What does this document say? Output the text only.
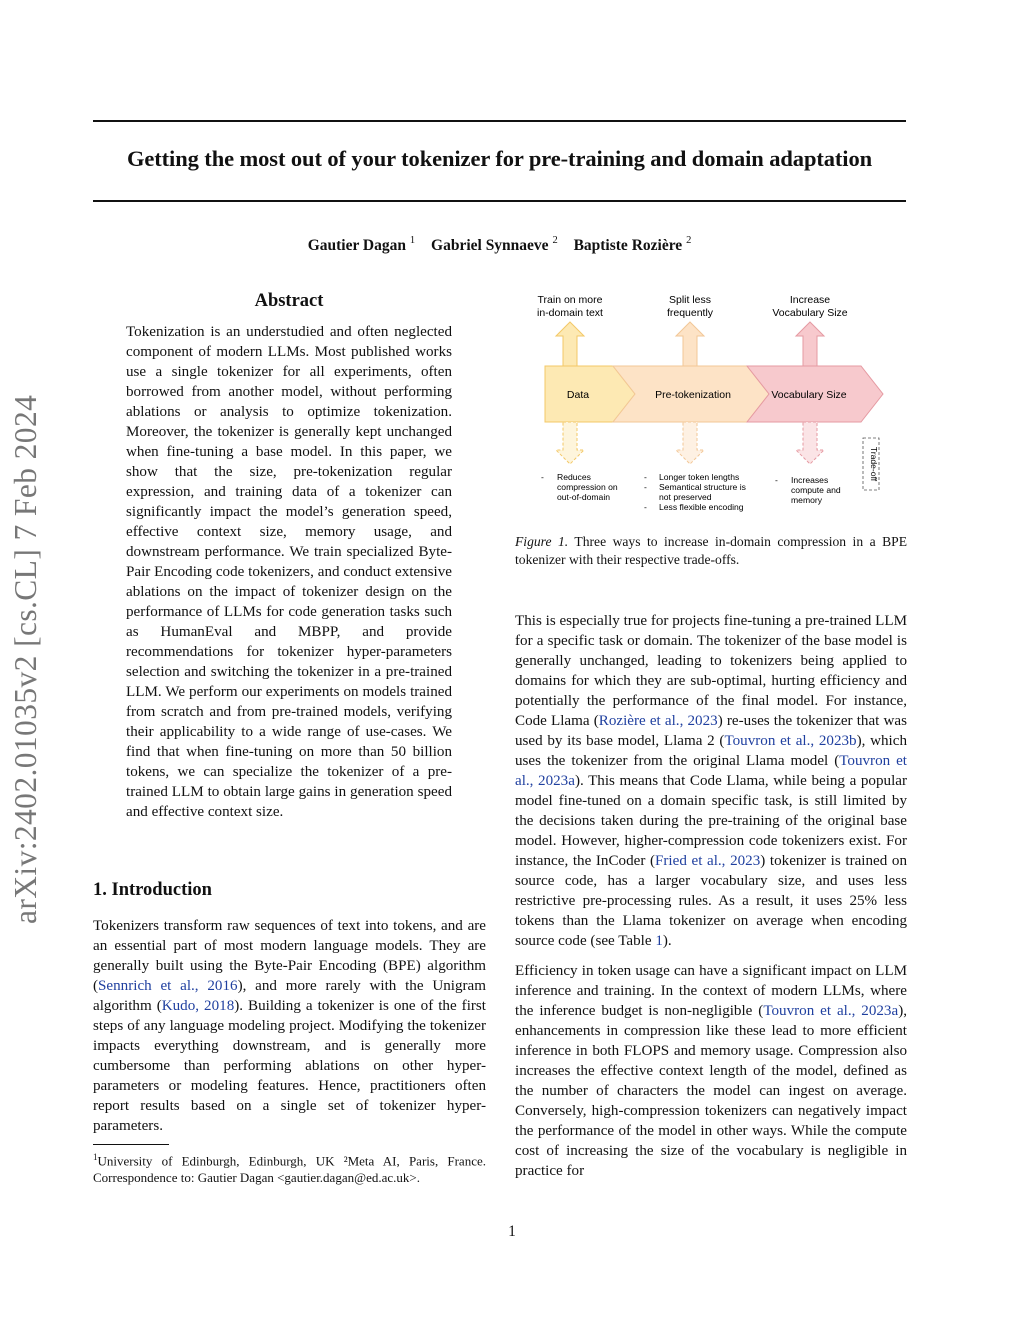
Getting the most out of your tokenizer for pre-training and domain adaptation
Gautier Dagan $^1$ Gabriel Synnaeve $^2$ Baptiste Rozière $^2$
arXiv:2402.01035v2 [cs.CL] 7 Feb 2024
Abstract
Tokenization is an understudied and often neglected component of modern LLMs. Most published works use a single tokenizer for all experiments, often borrowed from another model, without performing ablations or analysis to optimize tokenization. Moreover, the tokenizer is generally kept unchanged when fine-tuning a base model. In this paper, we show that the size, pre-tokenization regular expression, and training data of a tokenizer can significantly impact the model’s generation speed, effective context size, memory usage, and downstream performance. We train specialized Byte-Pair Encoding code tokenizers, and conduct extensive ablations on the impact of tokenizer design on the performance of LLMs for code generation tasks such as HumanEval and MBPP, and provide recommendations for tokenizer hyper-parameters selection and switching the tokenizer in a pre-trained LLM. We perform our experiments on models trained from scratch and from pre-trained models, verifying their applicability to a wide range of use-cases. We find that when fine-tuning on more than 50 billion tokens, we can specialize the tokenizer of a pre-trained LLM to obtain large gains in generation speed and effective context size.
1. Introduction

Tokenizers transform raw sequences of text into tokens, and are an essential part of most modern language models. They are generally built using the Byte-Pair Encoding (BPE) algorithm (Sennrich et al., 2016), and more rarely with the Unigram algorithm (Kudo, 2018). Building a tokenizer is one of the first steps of any language modeling project. Modifying the tokenizer impacts everything downstream, and is generally more cumbersome than performing ablations on other hyper-parameters or modeling features. Hence, practitioners often report results based on a single set of tokenizer hyper-parameters.

$^1$University of Edinburgh, Edinburgh, UK ²Meta AI, Paris, France. Correspondence to: Gautier Dagan <gautier.dagan@ed.ac.uk>.
Train on more
in-domain text
Split less
frequently
Increase
Vocabulary Size
Data	Pre-tokenization	Vocabulary Size
- Reduces
compression on
out-of-domain
- Longer token lengths
- Semantical structure is
not preserved
- Less flexible encoding
- Increases
compute and
memory
Trade-off
Figure 1. Three ways to increase in-domain compression in a BPE tokenizer with their respective trade-offs.

This is especially true for projects fine-tuning a pre-trained LLM for a specific task or domain. The tokenizer of the base model is generally unchanged, leading to tokenizers being applied to domains for which they are sub-optimal, hurting efficiency and potentially the performance of the final model. For instance, Code Llama (Rozière et al., 2023) re-uses the tokenizer that was used by its base model, Llama 2 (Touvron et al., 2023b), which uses the tokenizer from the original Llama model (Touvron et al., 2023a). This means that Code Llama, while being a popular model fine-tuned on a domain specific task, is still limited by the decisions taken during the pre-training of the original base model. However, higher-compression code tokenizers exist. For instance, the InCoder (Fried et al., 2023) tokenizer is trained on source code, has a larger vocabulary size, and uses less restrictive pre-processing rules. As a result, it uses 25% less tokens than the Llama tokenizer on average when encoding source code (see Table 1).

Efficiency in token usage can have a significant impact on LLM inference and training. In the context of modern LLMs, where the inference budget is non-negligible (Touvron et al., 2023a), enhancements in compression like these lead to more efficient inference in both FLOPS and memory usage. Compression also increases the effective context length of the model, defined as the number of characters the model can ingest on average. Conversely, high-compression tokenizers can negatively impact the performance of the model in other ways. While the compute cost of increasing the size of the vocabulary is negligible in practice for

1
